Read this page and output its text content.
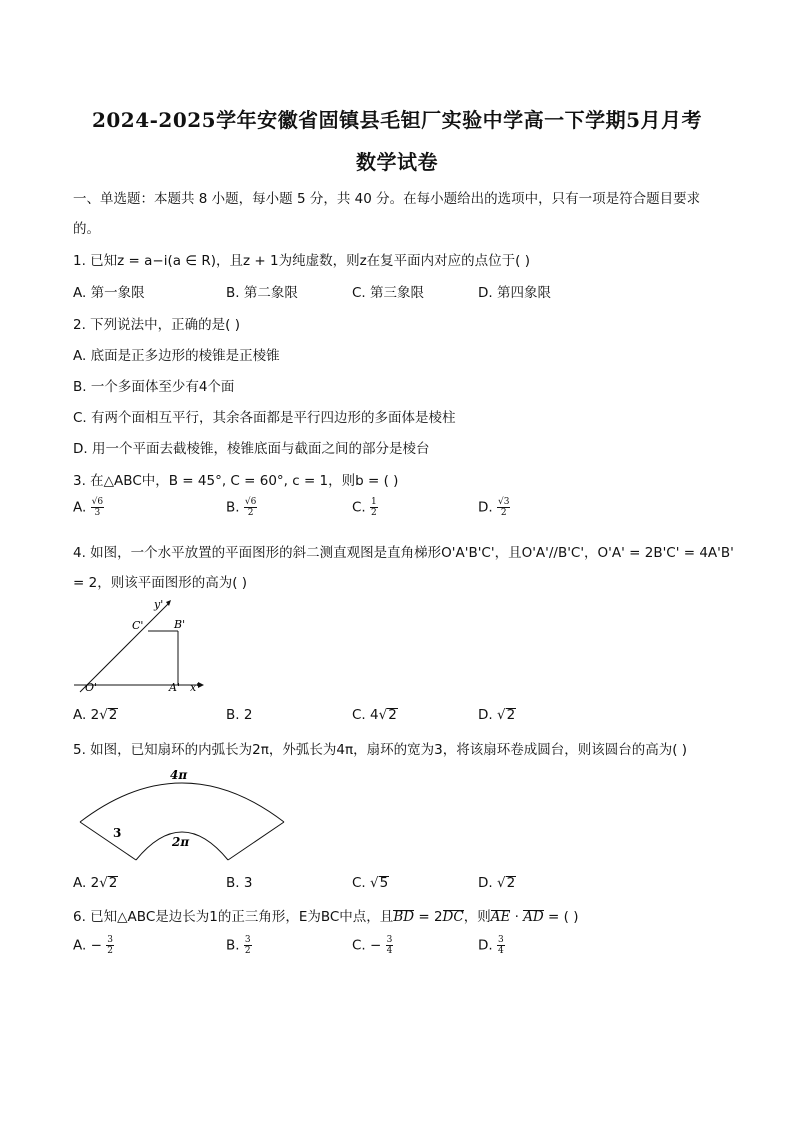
2024-2025学年安徽省固镇县毛钽厂实验中学高一下学期5月月考
数学试卷
一、单选题：本题共 8 小题，每小题 5 分，共 40 分。在每小题给出的选项中，只有一项是符合题目要求
的。
1. 已知z = a−i(a ∈ R)，且z + 1为纯虚数，则z在复平面内对应的点位于( )
A. 第一象限	B. 第二象限	C. 第三象限	D. 第四象限
2. 下列说法中，正确的是( )
A. 底面是正多边形的棱锥是正棱锥
B. 一个多面体至少有4个面
C. 有两个面相互平行，其余各面都是平行四边形的多面体是棱柱
D. 用一个平面去截棱锥，棱锥底面与截面之间的部分是棱台
3. 在△ABC中，B = 45°, C = 60°, c = 1，则b = ( )
A. $\frac{√6}{3}$	B. $\frac{√6}{2}$	C. $\frac{1}{2}$	D. $\frac{√3}{2}$
4. 如图，一个水平放置的平面图形的斜二测直观图是直角梯形O'A'B'C'，且O'A'//B'C'，O'A' = 2B'C' = 4A'B'
= 2，则该平面图形的高为( )
y'
C'	B'
O'	A' x'
A. 2√2	B. 2	C. 4√2	D. √2
5. 如图，已知扇环的内弧长为2π，外弧长为4π，扇环的宽为3，将该扇环卷成圆台，则该圆台的高为( )
4π
2π
3
A. 2√2	B. 3	C. √5	D. √2
6. 已知△ABC是边长为1的正三角形，E为BC中点，且BD = 2DC，则AE · AD = ( )
A. − $\frac{3}{2}$	B. $\frac{3}{2}$	C. − $\frac{3}{4}$	D. $\frac{3}{4}$
